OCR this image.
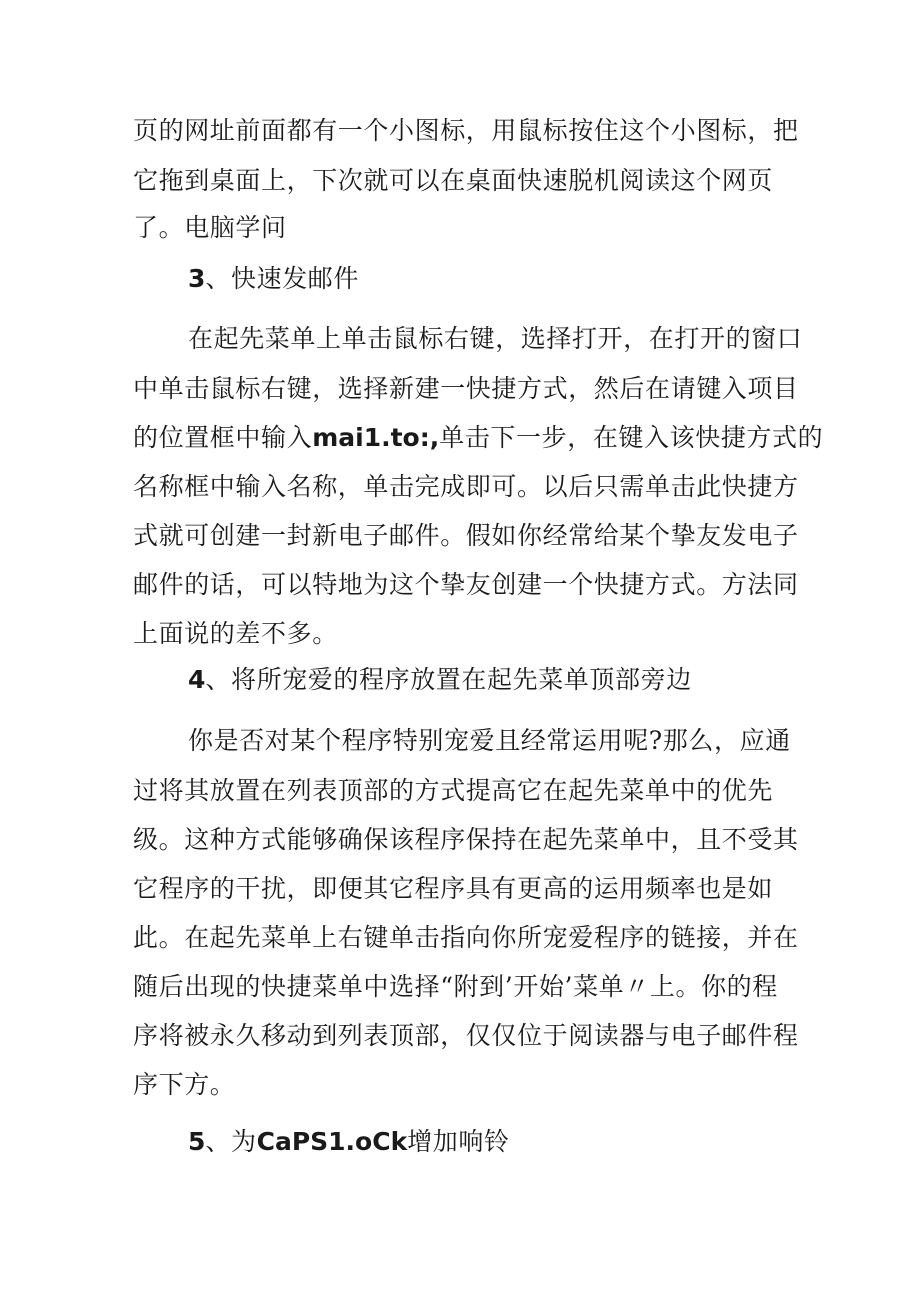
页的网址前面都有一个小图标，用鼠标按住这个小图标，把
它拖到桌面上，下次就可以在桌面快速脱机阅读这个网页
了。电脑学问
3、快速发邮件
在起先菜单上单击鼠标右键，选择打开，在打开的窗口
中单击鼠标右键，选择新建一快捷方式，然后在请键入项目
的位置框中输入mai1.to:,单击下一步，在键入该快捷方式的
名称框中输入名称，单击完成即可。以后只需单击此快捷方
式就可创建一封新电子邮件。假如你经常给某个挚友发电子
邮件的话，可以特地为这个挚友创建一个快捷方式。方法同
上面说的差不多。
4、将所宠爱的程序放置在起先菜单顶部旁边
你是否对某个程序特别宠爱且经常运用呢?那么，应通
过将其放置在列表顶部的方式提高它在起先菜单中的优先
级。这种方式能够确保该程序保持在起先菜单中，且不受其
它程序的干扰，即便其它程序具有更高的运用频率也是如
此。在起先菜单上右键单击指向你所宠爱程序的链接，并在
随后出现的快捷菜单中选择“附到’开始’菜单〃上。你的程
序将被永久移动到列表顶部，仅仅位于阅读器与电子邮件程
序下方。
5、为CaPS1.oCk增加响铃
